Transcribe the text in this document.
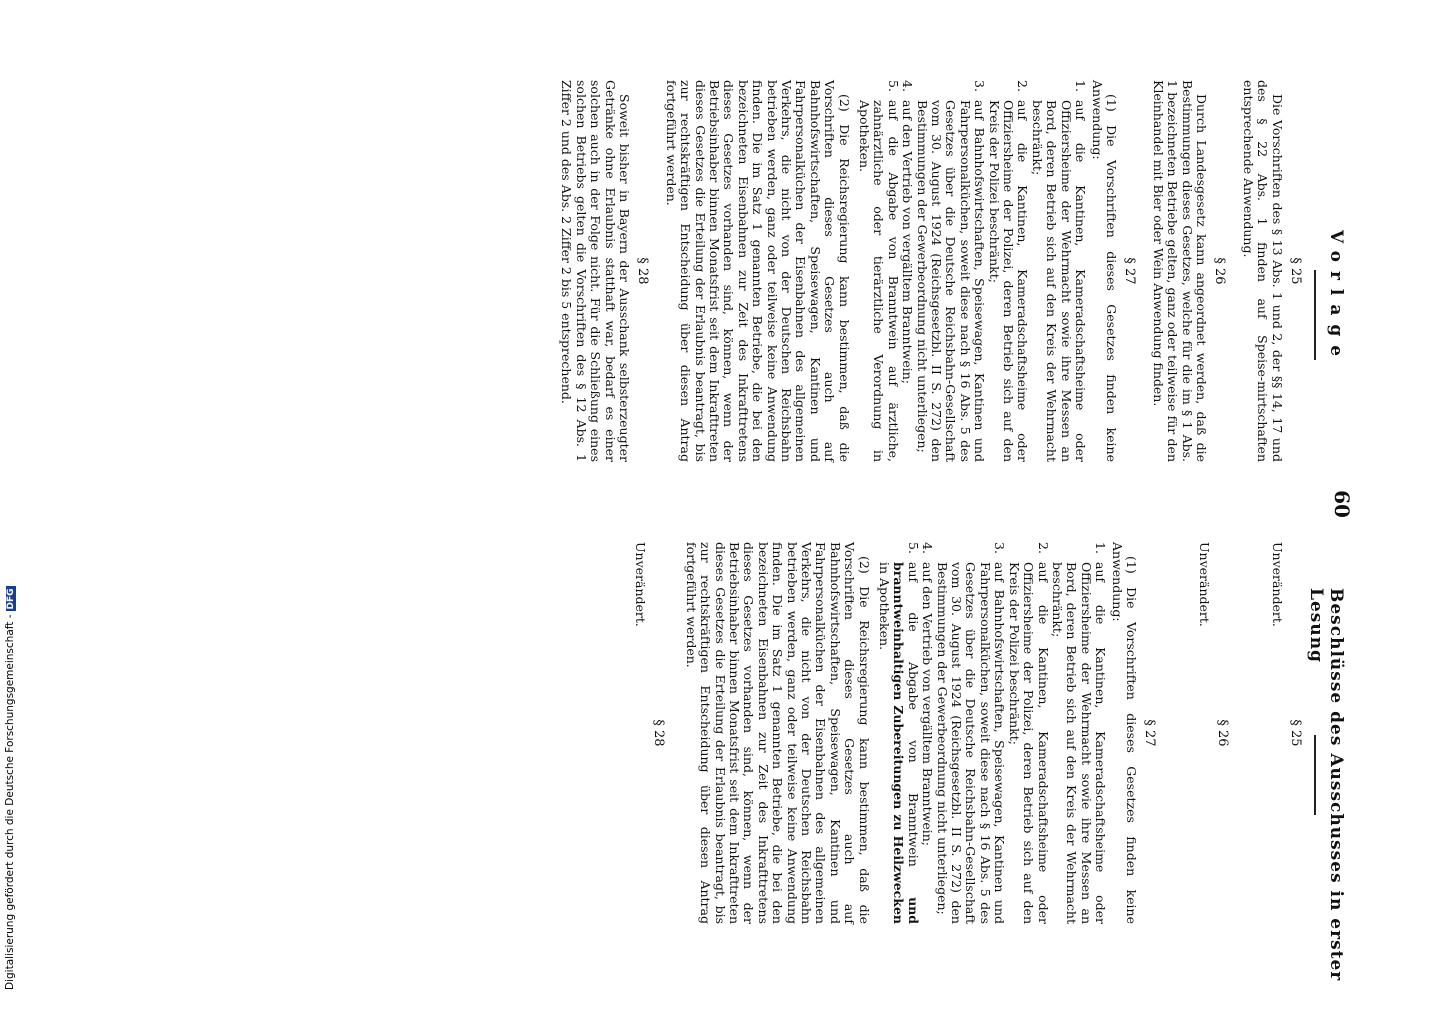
60
Vorlage
Beschlüsse des Ausschusses in erster Lesung
§ 25

Die Vorschriften des § 13 Abs. 1 und 2, der §§ 14, 17 und des § 22 Abs. 1 finden auf Speise-mirtschaften entsprechende Anwendung.

§ 26

Durch Landesgesetz kann angeordnet werden, daß die Bestimmungen dieses Gesetzes, welche für die im § 1 Abs. 1 bezeichneten Betriebe gelten, ganz oder teilweise für den Kleinhandel mit Bier oder Wein Anwendung finden.

§ 27

(1) Die Vorschriften dieses Gesetzes finden keine Anwendung:

1.
auf die Kantinen, Kameradschaftsheime oder Offiziersheime der Wehrmacht sowie ihre Messen an Bord, deren Betrieb sich auf den Kreis der Wehrmacht beschränkt;
2.
auf die Kantinen, Kameradschaftsheime oder Offiziersheime der Polizei, deren Betrieb sich auf den Kreis der Polizei beschränkt;
3.
auf Bahnhofswirtschaften, Speisewagen, Kantinen und Fahrpersonalküchen, soweit diese nach § 16 Abs. 5 des Gesetzes über die Deutsche Reichsbahn-Gesellschaft vom 30. August 1924 (Reichsgesetzbl. II S. 272) den Bestimmungen der Gewerbeordnung nicht unterliegen;
4.
auf den Vertrieb von vergälltem Branntwein;
5.
auf die Abgabe von Branntwein auf ärztliche, zahnärztliche oder tierärztliche Verordnung in Apotheken.

(2) Die Reichsregierung kann bestimmen, daß die Vorschriften dieses Gesetzes auch auf Bahnhofswirtschaften, Speisewagen, Kantinen und Fahrpersonalküchen der Eisenbahnen des allgemeinen Verkehrs, die nicht von der Deutschen Reichsbahn betrieben werden, ganz oder teilweise keine Anwendung finden. Die im Satz 1 genannten Betriebe, die bei den bezeichneten Eisenbahnen zur Zeit des Inkrafttretens dieses Gesetzes vorhanden sind, können, wenn der Betriebsinhaber binnen Monatsfrist seit dem Inkrafttreten dieses Gesetzes die Erteilung der Erlaubnis beantragt, bis zur rechtskräftigen Entscheidung über diesen Antrag fortgeführt werden.

§ 28

Soweit bisher in Bayern der Ausschank selbsterzeugter Getränke ohne Erlaubnis statthaft war, bedarf es einer solchen auch in der Folge nicht. Für die Schließung eines solchen Betriebs gelten die Vorschriften des § 12 Abs. 1 Ziffer 2 und des Abs. 2 Ziffer 2 bis 5 entsprechend.

§ 25

Unverändert.

§ 26

Unverändert.

§ 27

(1) Die Vorschriften dieses Gesetzes finden keine Anwendung:

1.
auf die Kantinen, Kameradschaftsheime oder Offiziersheime der Wehrmacht sowie ihre Messen an Bord, deren Betrieb sich auf den Kreis der Wehrmacht beschränkt;
2.
auf die Kantinen, Kameradschaftsheime oder Offiziersheime der Polizei, deren Betrieb sich auf den Kreis der Polizei beschränkt;
3.
auf Bahnhofswirtschaften, Speisewagen, Kantinen und Fahrpersonalküchen, soweit diese nach § 16 Abs. 5 des Gesetzes über die Deutsche Reichsbahn-Gesellschaft vom 30. August 1924 (Reichsgesetzbl. II S. 272) den Bestimmungen der Gewerbeordnung nicht unterliegen;
4.
auf den Vertrieb von vergälltem Branntwein;
5.
auf die Abgabe von Branntwein und branntweinhaltigen Zubereitungen zu Heilzwecken in Apotheken.

(2) Die Reichsregierung kann bestimmen, daß die Vorschriften dieses Gesetzes auch auf Bahnhofswirtschaften, Speisewagen, Kantinen und Fahrpersonalküchen der Eisenbahnen des allgemeinen Verkehrs, die nicht von der Deutschen Reichsbahn betrieben werden, ganz oder teilweise keine Anwendung finden. Die im Satz 1 genannten Betriebe, die bei den bezeichneten Eisenbahnen zur Zeit des Inkrafttretens dieses Gesetzes vorhanden sind, können, wenn der Betriebsinhaber binnen Monatsfrist seit dem Inkrafttreten dieses Gesetzes die Erteilung der Erlaubnis beantragt, bis zur rechtskräftigen Entscheidung über diesen Antrag fortgeführt werden.

§ 28

Unverändert.

Digitalisierung gefördert durch die Deutsche Forschungsgemeinschaft -DFG
